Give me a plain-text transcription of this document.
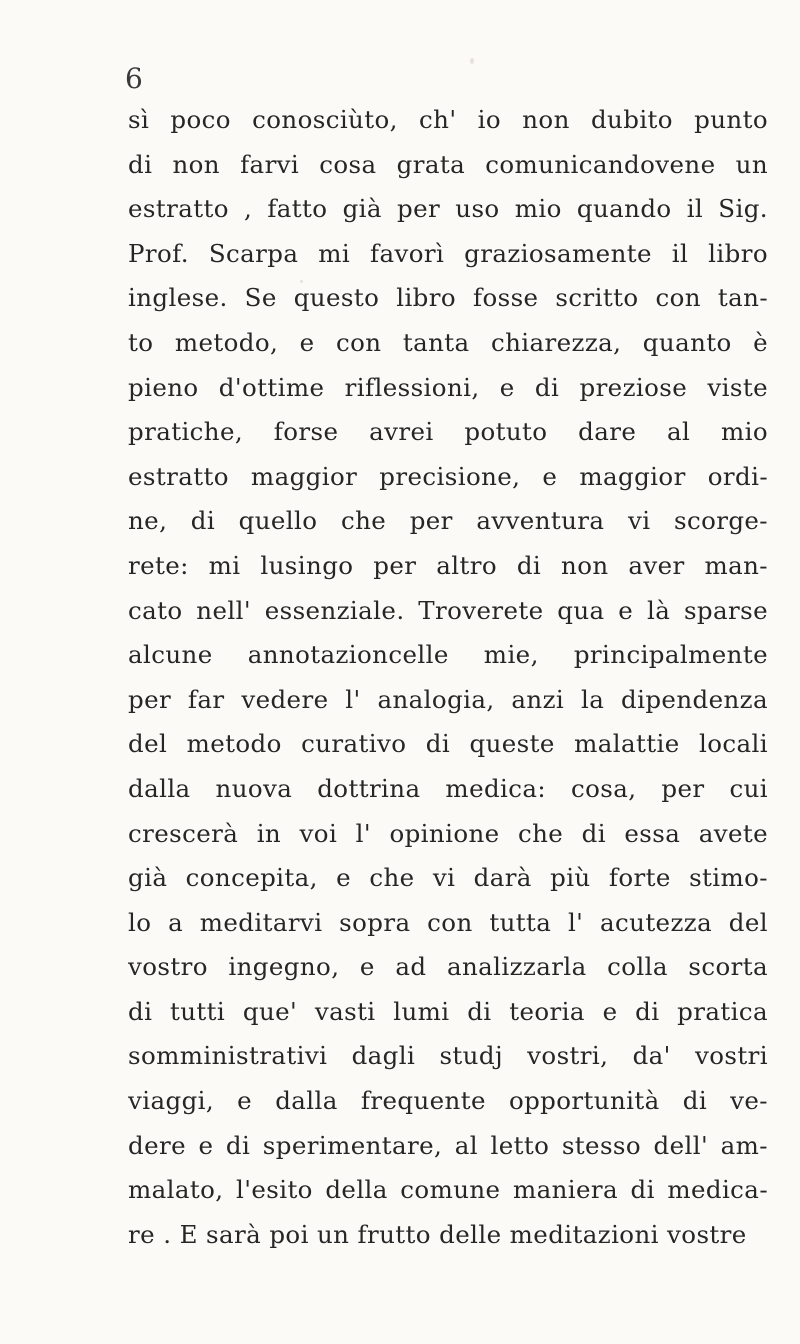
6
sì poco conosciùto, ch' io non dubito punto
di non farvi cosa grata comunicandovene un
estratto , fatto già per uso mio quando il Sig.
Prof. Scarpa mi favorì graziosamente il libro
inglese. Se questo libro fosse scritto con tan-
to metodo, e con tanta chiarezza, quanto è
pieno d'ottime riflessioni, e di preziose viste
pratiche, forse avrei potuto dare al mio
estratto maggior precisione, e maggior ordi-
ne, di quello che per avventura vi scorge-
rete: mi lusingo per altro di non aver man-
cato nell' essenziale. Troverete qua e là sparse
alcune annotazioncelle mie, principalmente
per far vedere l' analogia, anzi la dipendenza
del metodo curativo di queste malattie locali
dalla nuova dottrina medica: cosa, per cui
crescerà in voi l' opinione che di essa avete
già concepita, e che vi darà più forte stimo-
lo a meditarvi sopra con tutta l' acutezza del
vostro ingegno, e ad analizzarla colla scorta
di tutti que' vasti lumi di teoria e di pratica
somministrativi dagli studj vostri, da' vostri
viaggi, e dalla frequente opportunità di ve-
dere e di sperimentare, al letto stesso dell' am-
malato, l'esito della comune maniera di medica-
re . E sarà poi un frutto delle meditazioni vostre
